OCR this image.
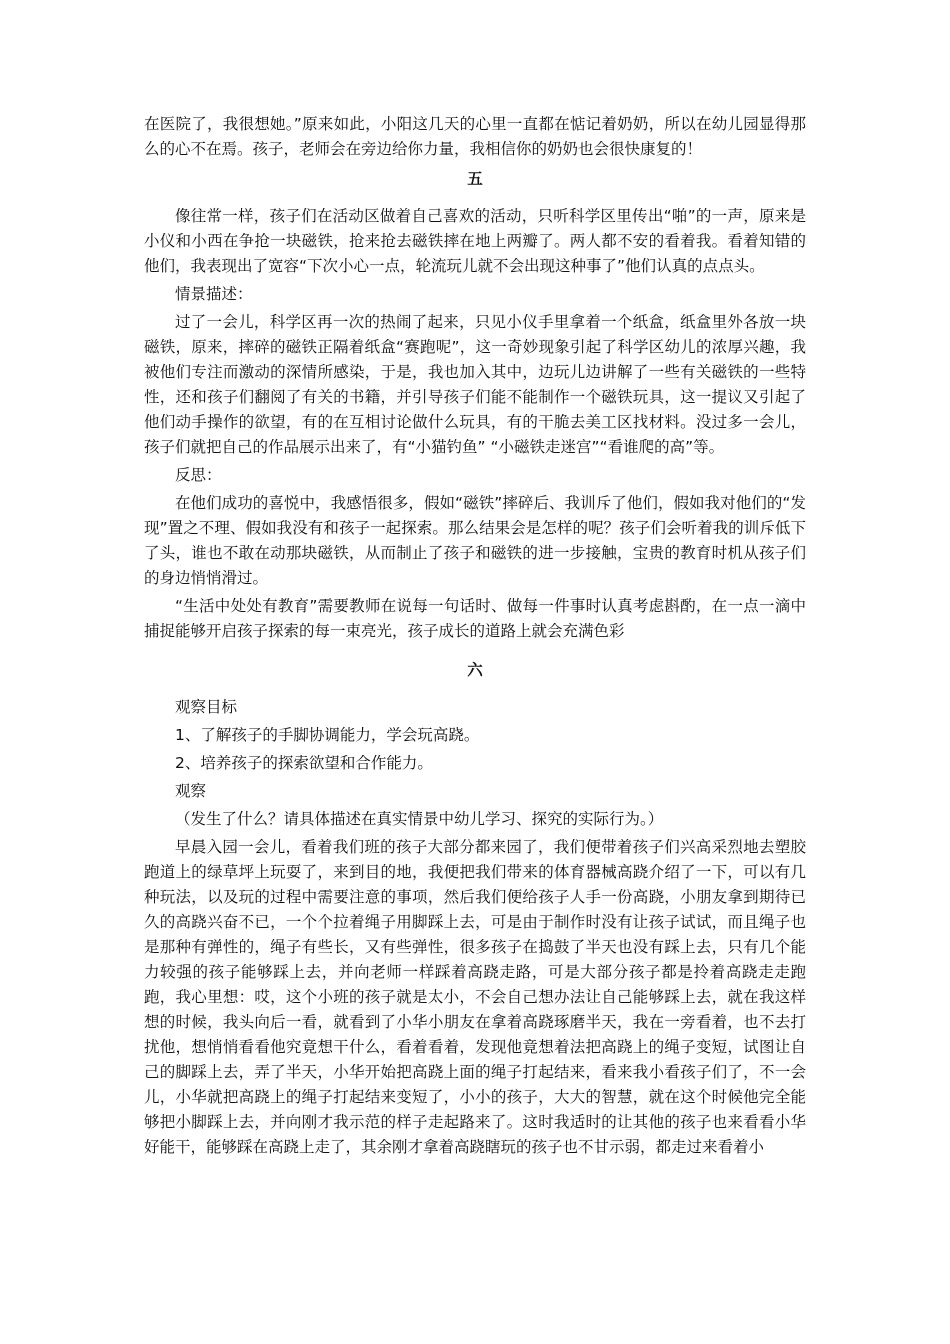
在医院了，我很想她。”原来如此，小阳这几天的心里一直都在惦记着奶奶，所以在幼儿园显得那么的心不在焉。孩子，老师会在旁边给你力量，我相信你的奶奶也会很快康复的！

五

像往常一样，孩子们在活动区做着自己喜欢的活动，只听科学区里传出“啪”的一声，原来是小仪和小西在争抢一块磁铁，抢来抢去磁铁摔在地上两瓣了。两人都不安的看着我。看着知错的他们，我表现出了宽容“下次小心一点，轮流玩儿就不会出现这种事了”他们认真的点点头。

情景描述：

过了一会儿，科学区再一次的热闹了起来，只见小仪手里拿着一个纸盒，纸盒里外各放一块磁铁，原来，摔碎的磁铁正隔着纸盒“赛跑呢”，这一奇妙现象引起了科学区幼儿的浓厚兴趣，我被他们专注而激动的深情所感染，于是，我也加入其中，边玩儿边讲解了一些有关磁铁的一些特性，还和孩子们翻阅了有关的书籍，并引导孩子们能不能制作一个磁铁玩具，这一提议又引起了他们动手操作的欲望，有的在互相讨论做什么玩具，有的干脆去美工区找材料。没过多一会儿，孩子们就把自己的作品展示出来了，有“小猫钓鱼” “小磁铁走迷宫”“看谁爬的高”等。

反思：

在他们成功的喜悦中，我感悟很多，假如“磁铁”摔碎后、我训斥了他们，假如我对他们的“发现”置之不理、假如我没有和孩子一起探索。那么结果会是怎样的呢？孩子们会听着我的训斥低下了头，谁也不敢在动那块磁铁，从而制止了孩子和磁铁的进一步接触，宝贵的教育时机从孩子们的身边悄悄滑过。

“生活中处处有教育”需要教师在说每一句话时、做每一件事时认真考虑斟酌，在一点一滴中捕捉能够开启孩子探索的每一束亮光，孩子成长的道路上就会充满色彩

六

观察目标

1、了解孩子的手脚协调能力，学会玩高跷。

2、培养孩子的探索欲望和合作能力。

观察

（发生了什么？请具体描述在真实情景中幼儿学习、探究的实际行为。）

早晨入园一会儿，看着我们班的孩子大部分都来园了，我们便带着孩子们兴高采烈地去塑胶跑道上的绿草坪上玩耍了，来到目的地，我便把我们带来的体育器械高跷介绍了一下，可以有几种玩法，以及玩的过程中需要注意的事项，然后我们便给孩子人手一份高跷，小朋友拿到期待已久的高跷兴奋不已，一个个拉着绳子用脚踩上去，可是由于制作时没有让孩子试试，而且绳子也是那种有弹性的，绳子有些长，又有些弹性，很多孩子在捣鼓了半天也没有踩上去，只有几个能力较强的孩子能够踩上去，并向老师一样踩着高跷走路，可是大部分孩子都是拎着高跷走走跑跑，我心里想：哎，这个小班的孩子就是太小，不会自己想办法让自己能够踩上去，就在我这样想的时候，我头向后一看，就看到了小华小朋友在拿着高跷琢磨半天，我在一旁看着，也不去打扰他，想悄悄看看他究竟想干什么，看着看着，发现他竟想着法把高跷上的绳子变短，试图让自己的脚踩上去，弄了半天，小华开始把高跷上面的绳子打起结来，看来我小看孩子们了，不一会儿，小华就把高跷上的绳子打起结来变短了，小小的孩子，大大的智慧，就在这个时候他完全能够把小脚踩上去，并向刚才我示范的样子走起路来了。这时我适时的让其他的孩子也来看看小华好能干，能够踩在高跷上走了，其余刚才拿着高跷瞎玩的孩子也不甘示弱，都走过来看着小
